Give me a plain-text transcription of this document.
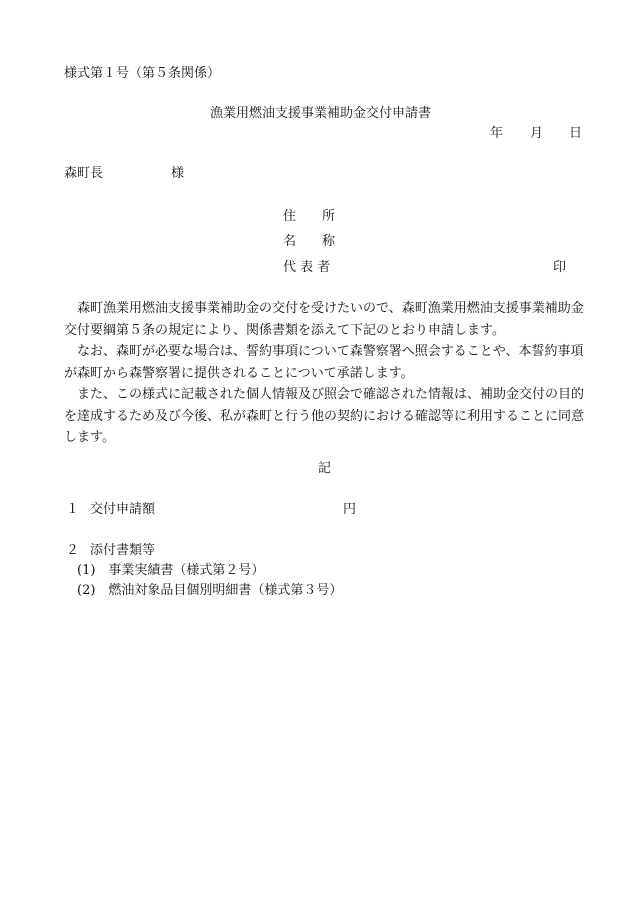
様式第１号（第５条関係）
漁業用燃油支援事業補助金交付申請書
年 月 日
森町長	様
住　　所
名　　称
代 表 者	印
森町漁業用燃油支援事業補助金の交付を受けたいので、森町漁業用燃油支援事業補助金交付要綱第５条の規定により、関係書類を添えて下記のとおり申請します。
なお、森町が必要な場合は、誓約事項について森警察署へ照会することや、本誓約事項が森町から森警察署に提供されることについて承諾します。
また、この様式に記載された個人情報及び照会で確認された情報は、補助金交付の目的を達成するため及び今後、私が森町と行う他の契約における確認等に利用することに同意します。
記
１ 交付申請額	円
２ 添付書類等
(1)　事業実績書（様式第２号）
(2)　燃油対象品目個別明細書（様式第３号）
